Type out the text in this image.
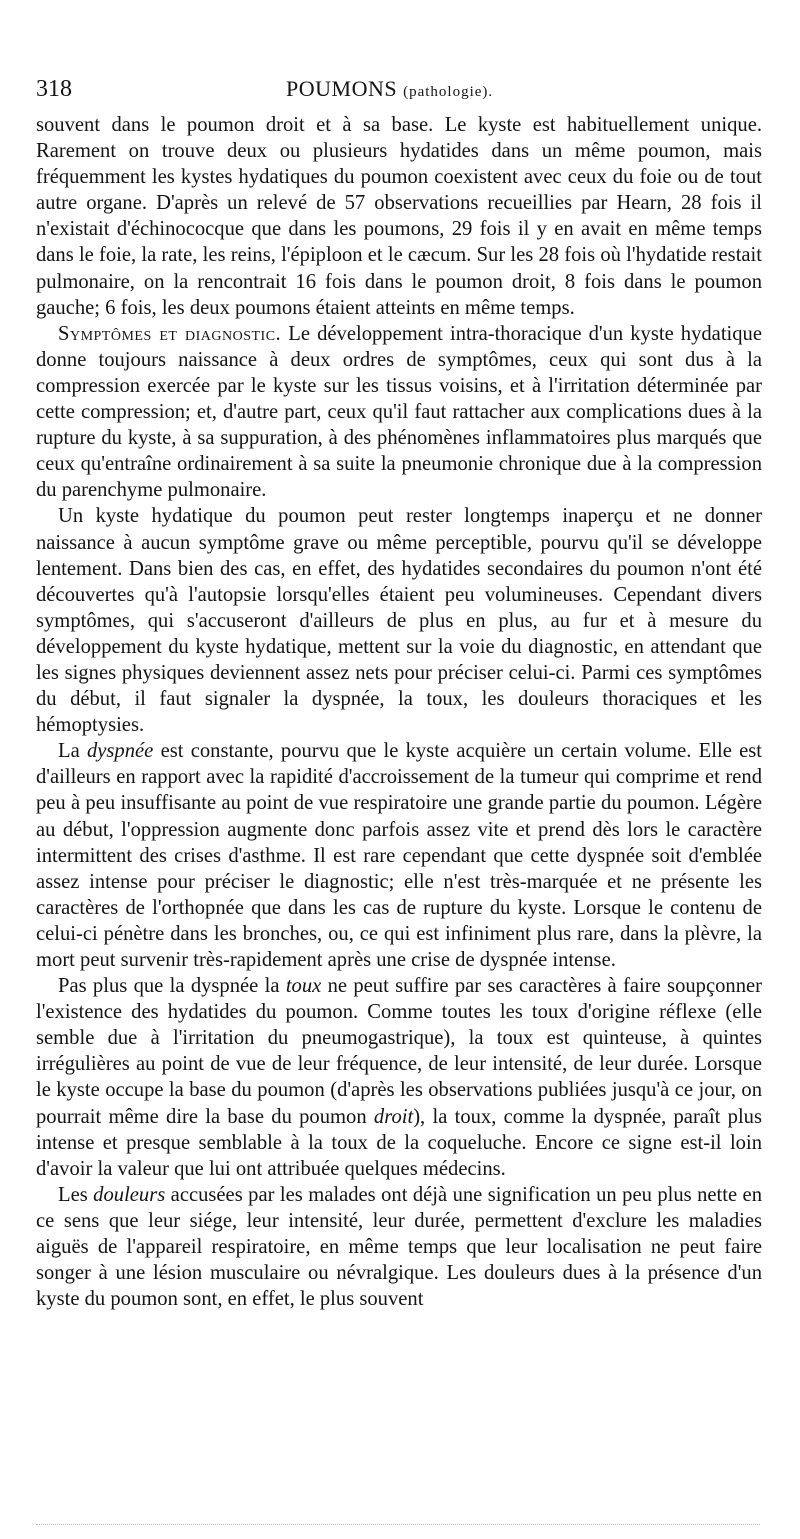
318	POUMONS (pathologie).

souvent dans le poumon droit et à sa base. Le kyste est habituellement unique. Rarement on trouve deux ou plusieurs hydatides dans un même poumon, mais fréquemment les kystes hydatiques du poumon coexistent avec ceux du foie ou de tout autre organe. D'après un relevé de 57 observations recueillies par Hearn, 28 fois il n'existait d'échinococque que dans les poumons, 29 fois il y en avait en même temps dans le foie, la rate, les reins, l'épiploon et le cæcum. Sur les 28 fois où l'hydatide restait pulmonaire, on la rencontrait 16 fois dans le poumon droit, 8 fois dans le poumon gauche; 6 fois, les deux poumons étaient atteints en même temps.

Symptômes et diagnostic. Le développement intra-thoracique d'un kyste hydatique donne toujours naissance à deux ordres de symptômes, ceux qui sont dus à la compression exercée par le kyste sur les tissus voisins, et à l'irritation déterminée par cette compression; et, d'autre part, ceux qu'il faut rattacher aux complications dues à la rupture du kyste, à sa suppuration, à des phénomènes inflammatoires plus marqués que ceux qu'entraîne ordinairement à sa suite la pneumonie chronique due à la compression du parenchyme pulmonaire.

Un kyste hydatique du poumon peut rester longtemps inaperçu et ne donner naissance à aucun symptôme grave ou même perceptible, pourvu qu'il se développe lentement. Dans bien des cas, en effet, des hydatides secondaires du poumon n'ont été découvertes qu'à l'autopsie lorsqu'elles étaient peu volumineuses. Cependant divers symptômes, qui s'accuseront d'ailleurs de plus en plus, au fur et à mesure du développement du kyste hydatique, mettent sur la voie du diagnostic, en attendant que les signes physiques deviennent assez nets pour préciser celui-ci. Parmi ces symptômes du début, il faut signaler la dyspnée, la toux, les douleurs thoraciques et les hémoptysies.

La dyspnée est constante, pourvu que le kyste acquière un certain volume. Elle est d'ailleurs en rapport avec la rapidité d'accroissement de la tumeur qui comprime et rend peu à peu insuffisante au point de vue respiratoire une grande partie du poumon. Légère au début, l'oppression augmente donc parfois assez vite et prend dès lors le caractère intermittent des crises d'asthme. Il est rare cependant que cette dyspnée soit d'emblée assez intense pour préciser le diagnostic; elle n'est très-marquée et ne présente les caractères de l'orthopnée que dans les cas de rupture du kyste. Lorsque le contenu de celui-ci pénètre dans les bronches, ou, ce qui est infiniment plus rare, dans la plèvre, la mort peut survenir très-rapidement après une crise de dyspnée intense.

Pas plus que la dyspnée la toux ne peut suffire par ses caractères à faire soupçonner l'existence des hydatides du poumon. Comme toutes les toux d'origine réflexe (elle semble due à l'irritation du pneumogastrique), la toux est quinteuse, à quintes irrégulières au point de vue de leur fréquence, de leur intensité, de leur durée. Lorsque le kyste occupe la base du poumon (d'après les observations publiées jusqu'à ce jour, on pourrait même dire la base du poumon droit), la toux, comme la dyspnée, paraît plus intense et presque semblable à la toux de la coqueluche. Encore ce signe est-il loin d'avoir la valeur que lui ont attribuée quelques médecins.

Les douleurs accusées par les malades ont déjà une signification un peu plus nette en ce sens que leur siége, leur intensité, leur durée, permettent d'exclure les maladies aiguës de l'appareil respiratoire, en même temps que leur localisation ne peut faire songer à une lésion musculaire ou névralgique. Les douleurs dues à la présence d'un kyste du poumon sont, en effet, le plus souvent
